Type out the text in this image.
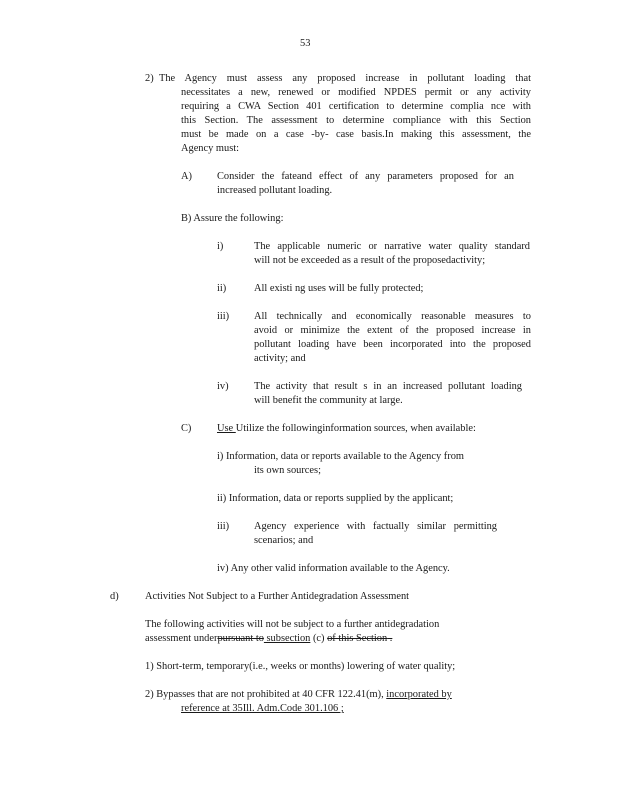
53
2) The Agency must assess any proposed increase in pollutant loading that
necessitates a new, renewed or modified NPDES permit or any activity
requiring a CWA Section 401 certification to determine complia nce with
this Section. The assessment to determine compliance with this Section
must be made on a case -by- case basis.In making this assessment, the
Agency must:
A) Consider the fateand effect of any parameters proposed for an
increased pollutant loading.
B) Assure the following:
i)	The applicable numeric or narrative water quality standard
will not be exceeded as a result of the proposedactivity;
ii)	All existi ng uses will be fully protected;
iii) All technically and economically reasonable measures to
avoid or minimize the extent of the proposed increase in
pollutant loading have been incorporated into the proposed
activity; and
iv) The activity that result s in an increased pollutant loading
will benefit the community at large.
C) Use Utilize the followinginformation sources, when available:
i) Information, data or reports available to the Agency from
its own sources;
ii) Information, data or reports supplied by the applicant;
iii) Agency experience with factually similar permitting
scenarios; and
iv) Any other valid information available to the Agency.
d)	Activities Not Subject to a Further Antidegradation Assessment
The following activities will not be subject to a further antidegradation
assessment underpursuant to subsection (c) of this Section .
1) Short-term, temporary(i.e., weeks or months) lowering of water quality;
2) Bypasses that are not prohibited at 40 CFR 122.41(m), incorporated by
reference at 35Ill. Adm.Code 301.106 ;
